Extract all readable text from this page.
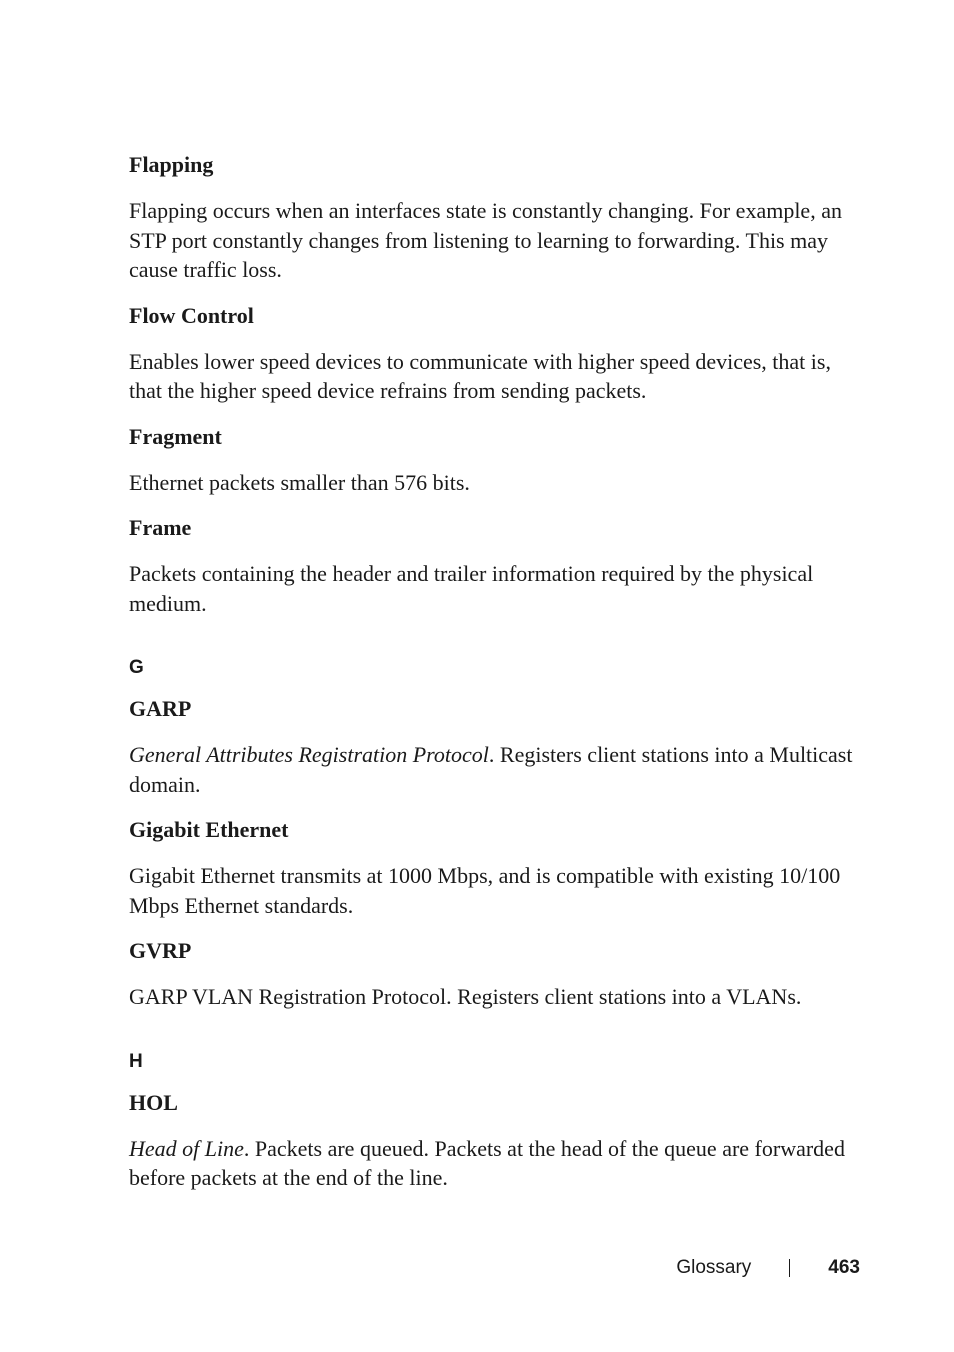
Flapping
Flapping occurs when an interfaces state is constantly changing. For example, an STP port constantly changes from listening to learning to forwarding. This may cause traffic loss.
Flow Control
Enables lower speed devices to communicate with higher speed devices, that is, that the higher speed device refrains from sending packets.
Fragment
Ethernet packets smaller than 576 bits.
Frame
Packets containing the header and trailer information required by the physical medium.
G
GARP
General Attributes Registration Protocol. Registers client stations into a Multicast domain.
Gigabit Ethernet
Gigabit Ethernet transmits at 1000 Mbps, and is compatible with existing 10/100 Mbps Ethernet standards.
GVRP
GARP VLAN Registration Protocol. Registers client stations into a VLANs.
H
HOL
Head of Line. Packets are queued. Packets at the head of the queue are forwarded before packets at the end of the line.
Glossary	463
